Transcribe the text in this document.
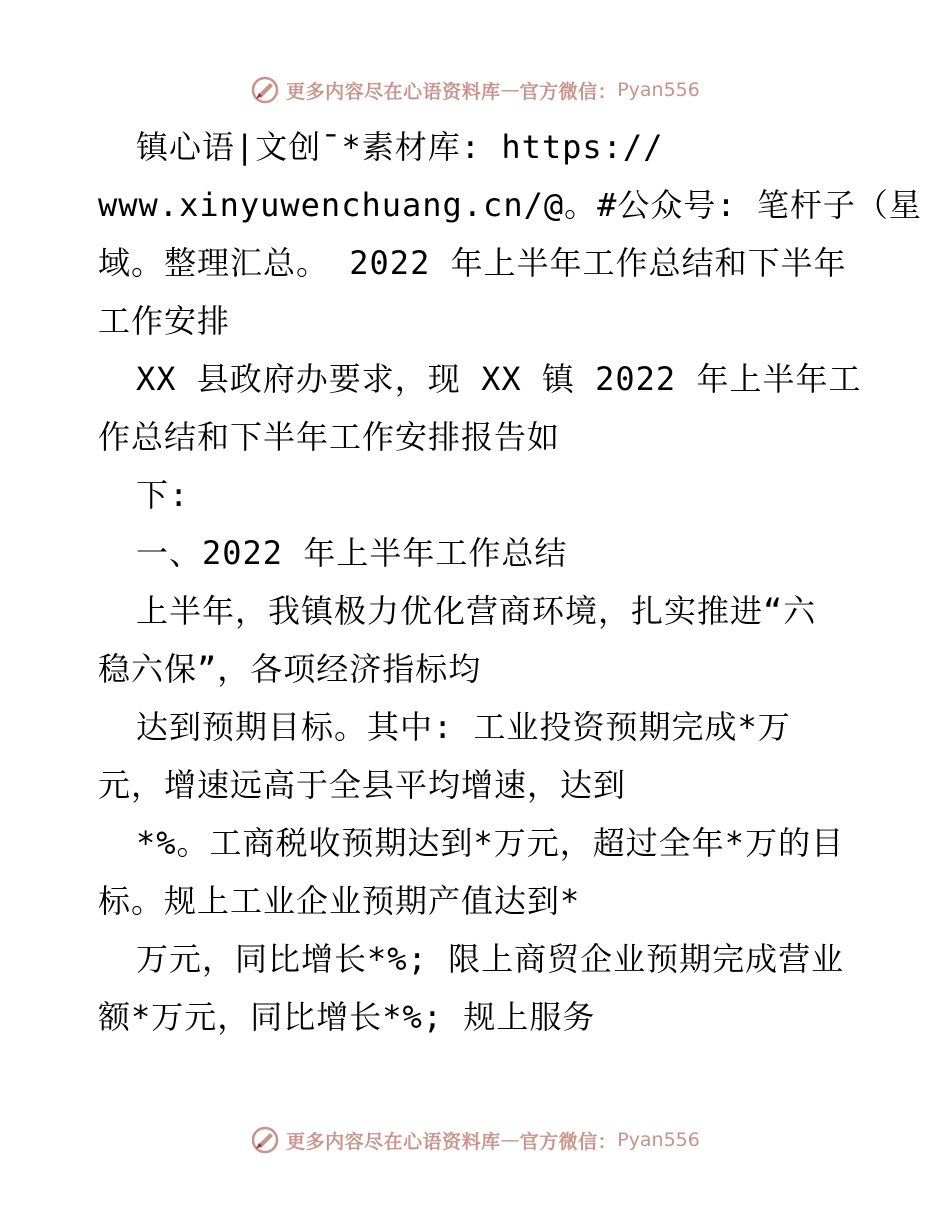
更多内容尽在心语资料库 — 官方微信： Pyan556
镇心语|文创¯*素材库: https://
www.xinyuwenchuang.cn/@。#公众号: 笔杆子（星
域。整理汇总。 2022 年上半年工作总结和下半年
工作安排
XX 县政府办要求，现 XX 镇 2022 年上半年工
作总结和下半年工作安排报告如
下:
一、2022 年上半年工作总结
上半年，我镇极力优化营商环境，扎实推进“六
稳六保”，各项经济指标均
达到预期目标。其中: 工业投资预期完成*万
元，增速远高于全县平均增速，达到
*%。工商税收预期达到*万元，超过全年*万的目
标。规上工业企业预期产值达到*
万元，同比增长*%; 限上商贸企业预期完成营业
额*万元，同比增长*%; 规上服务
更多内容尽在心语资料库 — 官方微信： Pyan556
